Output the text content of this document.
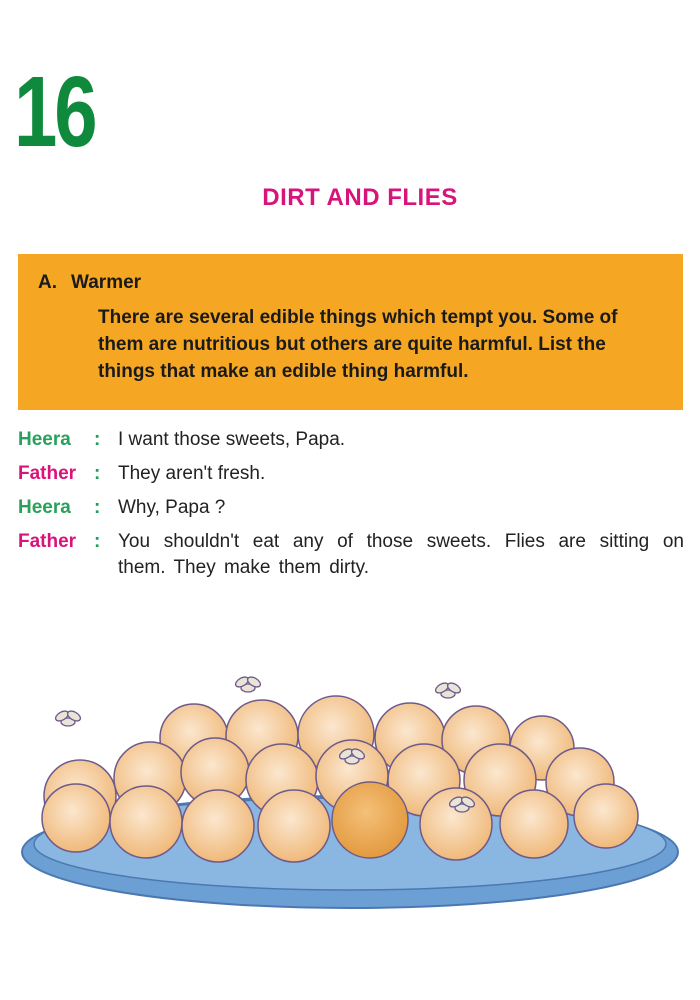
16
DIRT AND FLIES
A. Warmer
There are several edible things which tempt you. Some of them are nutritious but others are quite harmful. List the things that make an edible thing harmful.
Heera	: I want those sweets, Papa.
Father : They aren't fresh.
Heera	: Why, Papa ?
Father : You shouldn't eat any of those sweets. Flies are sitting on them. They make them dirty.
